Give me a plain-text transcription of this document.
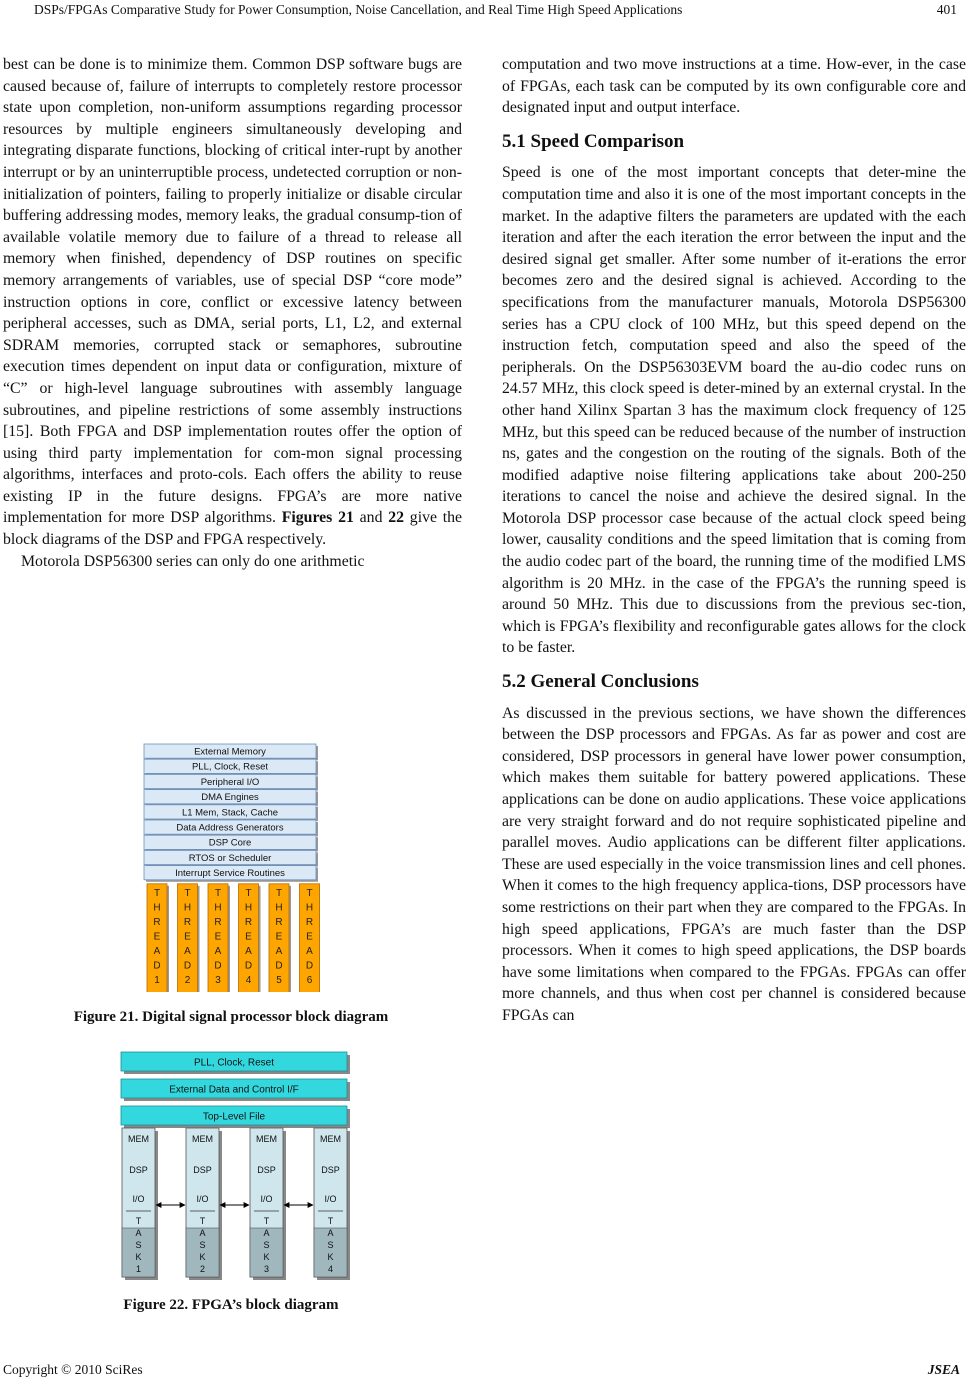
DSPs/FPGAs Comparative Study for Power Consumption, Noise Cancellation, and Real Time High Speed Applications	401

best can be done is to minimize them. Common DSP software bugs are caused because of, failure of interrupts to completely restore processor state upon completion, non-uniform assumptions regarding processor resources by multiple engineers simultaneously developing and integrating disparate functions, blocking of critical inter-rupt by another interrupt or by an uninterruptible process, undetected corruption or non-initialization of pointers, failing to properly initialize or disable circular buffering addressing modes, memory leaks, the gradual consump-tion of available volatile memory due to failure of a thread to release all memory when finished, dependency of DSP routines on specific memory arrangements of variables, use of special DSP “core mode” instruction options in core, conflict or excessive latency between peripheral accesses, such as DMA, serial ports, L1, L2, and external SDRAM memories, corrupted stack or semaphores, subroutine execution times dependent on input data or configuration, mixture of “C” or high-level language subroutines with assembly language subroutines, and pipeline restrictions of some assembly instructions [15]. Both FPGA and DSP implementation routes offer the option of using third party implementation for com-mon signal processing algorithms, interfaces and proto-cols. Each offers the ability to reuse existing IP in the future designs. FPGA’s are more native implementation for more DSP algorithms. Figures 21 and 22 give the block diagrams of the DSP and FPGA respectively.

Motorola DSP56300 series can only do one arithmetic

External Memory
PLL, Clock, Reset
Peripheral I/O
DMA Engines
L1 Mem, Stack, Cache
Data Address Generators
DSP Core
RTOS or Scheduler
Interrupt Service Routines
T
H
R
E
A
D
1
T
H
R
E
A
D
2
T
H
R
E
A
D
3
T
H
R
E
A
D
4
T
H
R
E
A
D
5
T
H
R
E
A
D
6
Figure 21. Digital signal processor block diagram
PLL, Clock, Reset
External Data and Control I/F
Top-Level File
MEM
DSP
I/O
T
A
S
K
1
MEM
DSP
I/O
T
A
S
K
2
MEM
DSP
I/O
T
A
S
K
3
MEM
DSP
I/O
T
A
S
K
4
Figure 22. FPGA’s block diagram

computation and two move instructions at a time. How-ever, in the case of FPGAs, each task can be computed by its own configurable core and designated input and output interface.

5.1 Speed Comparison

Speed is one of the most important concepts that deter-mine the computation time and also it is one of the most important concepts in the market. In the adaptive filters the parameters are updated with the each iteration and after the each iteration the error between the input and the desired signal get smaller. After some number of it-erations the error becomes zero and the desired signal is achieved. According to the specifications from the manufacturer manuals, Motorola DSP56300 series has a CPU clock of 100 MHz, but this speed depend on the instruction fetch, computation speed and also the speed of the peripherals. On the DSP56303EVM board the au-dio codec runs on 24.57 MHz, this clock speed is deter-mined by an external crystal. In the other hand Xilinx Spartan 3 has the maximum clock frequency of 125 MHz, but this speed can be reduced because of the number of instruction ns, gates and the congestion on the routing of the signals. Both of the modified adaptive noise filtering applications take about 200-250 iterations to cancel the noise and achieve the desired signal. In the Motorola DSP processor case because of the actual clock speed being lower, causality conditions and the speed limitation that is coming from the audio codec part of the board, the running time of the modified LMS algorithm is 20 MHz. in the case of the FPGA’s the running speed is around 50 MHz. This due to discussions from the previous sec-tion, which is FPGA’s flexibility and reconfigurable gates allows for the clock to be faster.

5.2 General Conclusions

As discussed in the previous sections, we have shown the differences between the DSP processors and FPGAs. As far as power and cost are considered, DSP processors in general have lower power consumption, which makes them suitable for battery powered applications. These applications can be done on audio applications. These voice applications are very straight forward and do not require sophisticated pipeline and parallel moves. Audio applications can be different filter applications. These are used especially in the voice transmission lines and cell phones. When it comes to the high frequency applica-tions, DSP processors have some restrictions on their part when they are compared to the FPGAs. In high speed applications, FPGA’s are much faster than the DSP processors. When it comes to high speed applications, the DSP boards have some limitations when compared to the FPGAs. FPGAs can offer more channels, and thus when cost per channel is considered because FPGAs can

Copyright © 2010 SciRes	JSEA
